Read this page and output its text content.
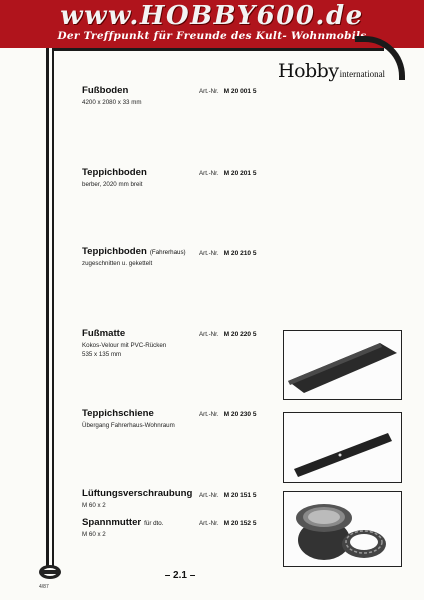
www.HOBBY600.de
Der Treffpunkt für Freunde des Kult- Wohnmobils
Hobbyinternational
Fußboden
4200 x 2080 x 33 mm
Art.-Nr. M 20 001 5
Teppichboden
berber, 2020 mm breit
Art.-Nr. M 20 201 5
Teppichboden (Fahrerhaus)
zugeschnitten u. gekettelt
Art.-Nr. M 20 210 5
Fußmatte
Kokos-Velour mit PVC-Rücken
535 x 135 mm
Art.-Nr. M 20 220 5
Teppichschiene
Übergang Fahrerhaus-Wohnraum
Art.-Nr. M 20 230 5
Lüftungsverschraubung
M 60 x 2
Art.-Nr. M 20 151 5
Spannmutter für dto.
M 60 x 2
Art.-Nr. M 20 152 5
4/87
– 2.1 –
